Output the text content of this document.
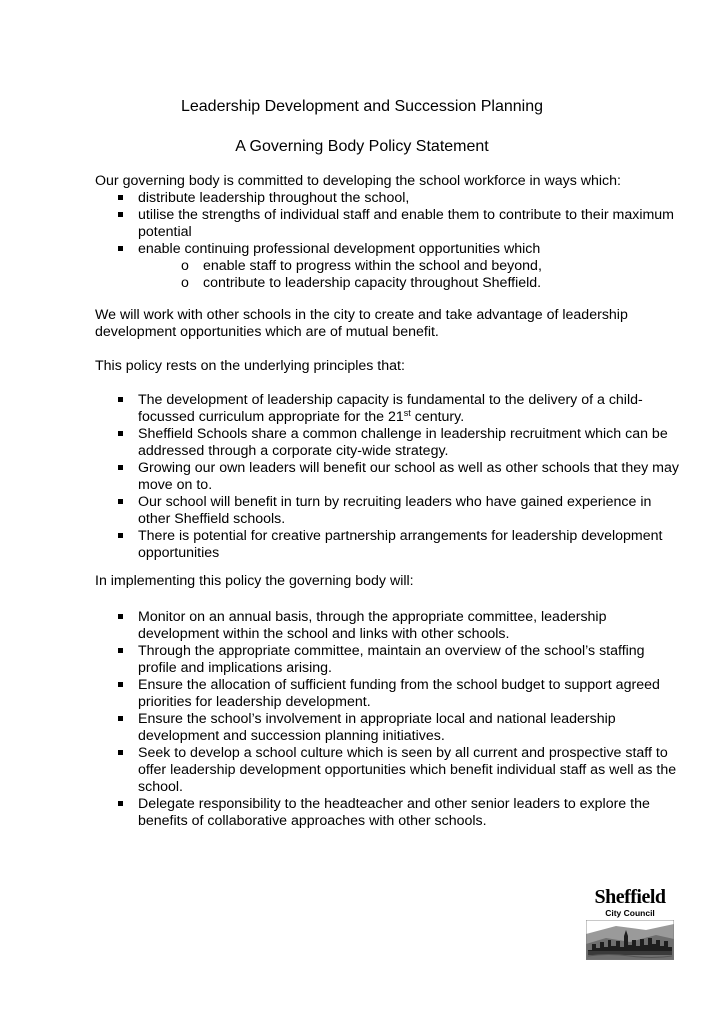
Leadership Development and Succession Planning
A Governing Body Policy Statement

Our governing body is committed to developing the school workforce in ways which:

distribute leadership throughout the school,
utilise the strengths of individual staff and enable them to contribute to their maximum potential
enable continuing professional development opportunities which
o enable staff to progress within the school and beyond,
o contribute to leadership capacity throughout Sheffield.

We will work with other schools in the city to create and take advantage of leadership development opportunities which are of mutual benefit.

This policy rests on the underlying principles that:

The development of leadership capacity is fundamental to the delivery of a child-focussed curriculum appropriate for the 21st century.
Sheffield Schools share a common challenge in leadership recruitment which can be addressed through a corporate city-wide strategy.
Growing our own leaders will benefit our school as well as other schools that they may move on to.
Our school will benefit in turn by recruiting leaders who have gained experience in other Sheffield schools.
There is potential for creative partnership arrangements for leadership development opportunities

In implementing this policy the governing body will:

Monitor on an annual basis, through the appropriate committee, leadership development within the school and links with other schools.
Through the appropriate committee, maintain an overview of the school’s staffing profile and implications arising.
Ensure the allocation of sufficient funding from the school budget to support agreed priorities for leadership development.
Ensure the school’s involvement in appropriate local and national leadership development and succession planning initiatives.
Seek to develop a school culture which is seen by all current and prospective staff to offer leadership development opportunities which benefit individual staff as well as the school.
Delegate responsibility to the headteacher and other senior leaders to explore the benefits of collaborative approaches with other schools.
Sheffield
City Council
